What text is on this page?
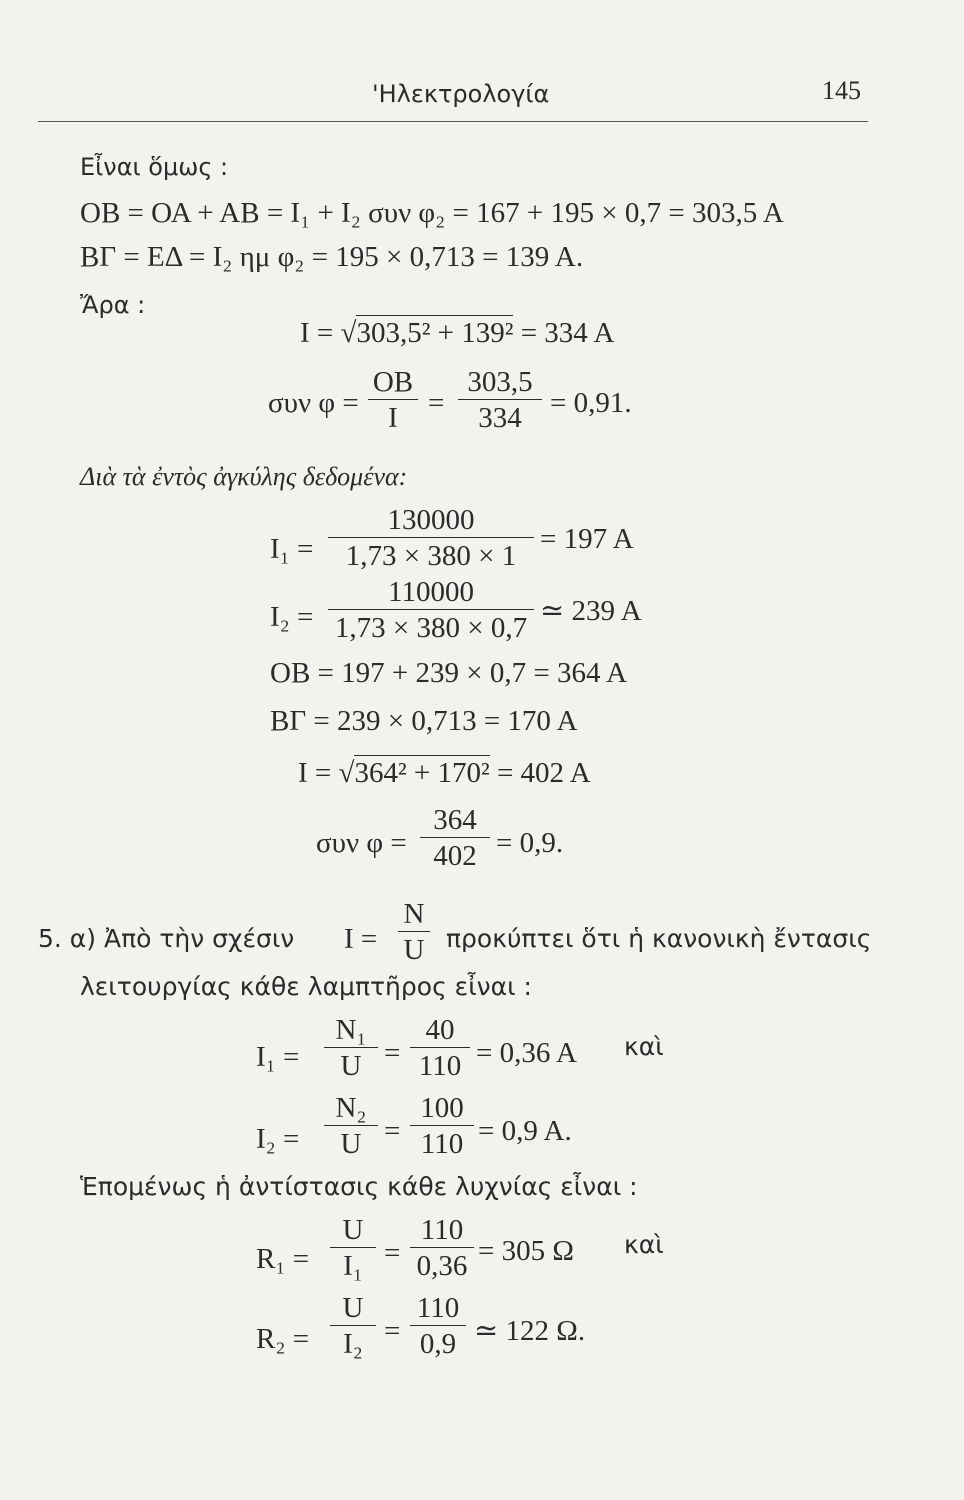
'Ηλεκτρολογία	145
Εἶναι ὅμως :
ΟΒ = ΟΑ + ΑΒ = Ι₁ + Ι₂ συν φ₂ = 167 + 195 × 0,7 = 303,5 Α
ΒΓ = ΕΔ = Ι₂ ημ φ₂ = 195 × 0,713 = 139 Α.
Ἄρα :
Ι = √303,5² + 139² = 334 Α
συν φ =
ΟΒ
Ι	=
303,5
334 = 0,91.
Διὰ τὰ ἐντὸς ἀγκύλης δεδομένα:
Ι₁ =
130000
1,73 × 380 × 1
= 197 Α
Ι₂ =
110000
1,73 × 380 × 0,7
≃ 239 Α
ΟΒ = 197 + 239 × 0,7 = 364 Α
ΒΓ = 239 × 0,713 = 170 Α
Ι = √364² + 170² = 402 Α
συν φ =
364
402 = 0,9.
5. α) Ἀπὸ τὴν σχέσιν Ι =
Ν
U προκύπτει ὅτι ἡ κανονικὴ ἔντασις
λειτουργίας κάθε λαμπτῆρος εἶναι :
Ι₁ =
Ν₁
U =
40
110 = 0,36 Α καὶ
Ι₂ =
Ν₂
U =
100
110 = 0,9 Α.
Ἑπομένως ἡ ἀντίστασις κάθε λυχνίας εἶναι :
R₁ =
U
Ι₁ =
110
0,36 = 305 Ω καὶ
R₂ =
U
Ι₂ =
110
0,9 ≃ 122 Ω.
